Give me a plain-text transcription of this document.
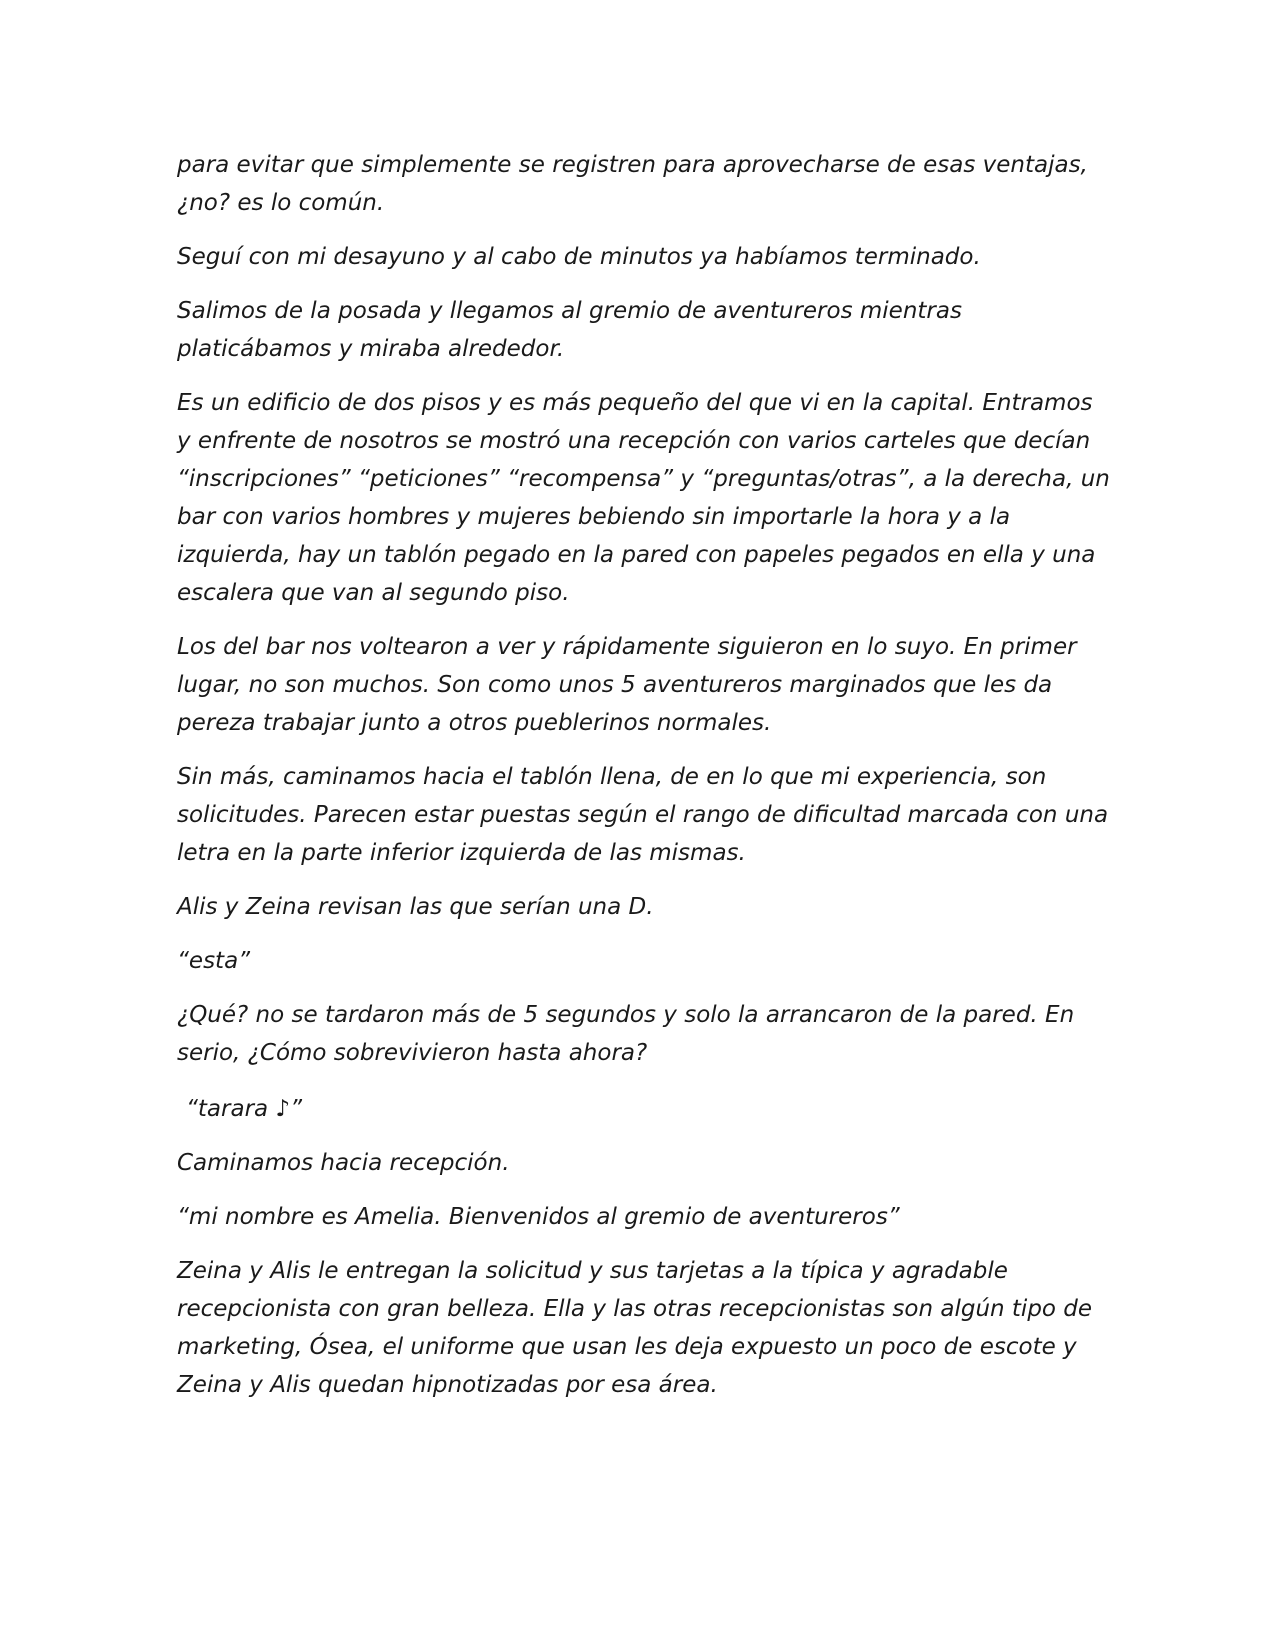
para evitar que simplemente se registren para aprovecharse de esas ventajas, ¿no? es lo común.

Seguí con mi desayuno y al cabo de minutos ya habíamos terminado.

Salimos de la posada y llegamos al gremio de aventureros mientras platicábamos y miraba alrededor.

Es un edificio de dos pisos y es más pequeño del que vi en la capital. Entramos y enfrente de nosotros se mostró una recepción con varios carteles que decían “inscripciones” “peticiones” “recompensa” y “preguntas/otras”, a la derecha, un bar con varios hombres y mujeres bebiendo sin importarle la hora y a la izquierda, hay un tablón pegado en la pared con papeles pegados en ella y una escalera que van al segundo piso.

Los del bar nos voltearon a ver y rápidamente siguieron en lo suyo. En primer lugar, no son muchos. Son como unos 5 aventureros marginados que les da pereza trabajar junto a otros pueblerinos normales.

Sin más, caminamos hacia el tablón llena, de en lo que mi experiencia, son solicitudes. Parecen estar puestas según el rango de dificultad marcada con una letra en la parte inferior izquierda de las mismas.

Alis y Zeina revisan las que serían una D.

“esta”

¿Qué? no se tardaron más de 5 segundos y solo la arrancaron de la pared. En serio, ¿Cómo sobrevivieron hasta ahora?

“tarara ♪”

Caminamos hacia recepción.

“mi nombre es Amelia. Bienvenidos al gremio de aventureros”

Zeina y Alis le entregan la solicitud y sus tarjetas a la típica y agradable recepcionista con gran belleza. Ella y las otras recepcionistas son algún tipo de marketing, Ósea, el uniforme que usan les deja expuesto un poco de escote y Zeina y Alis quedan hipnotizadas por esa área.
